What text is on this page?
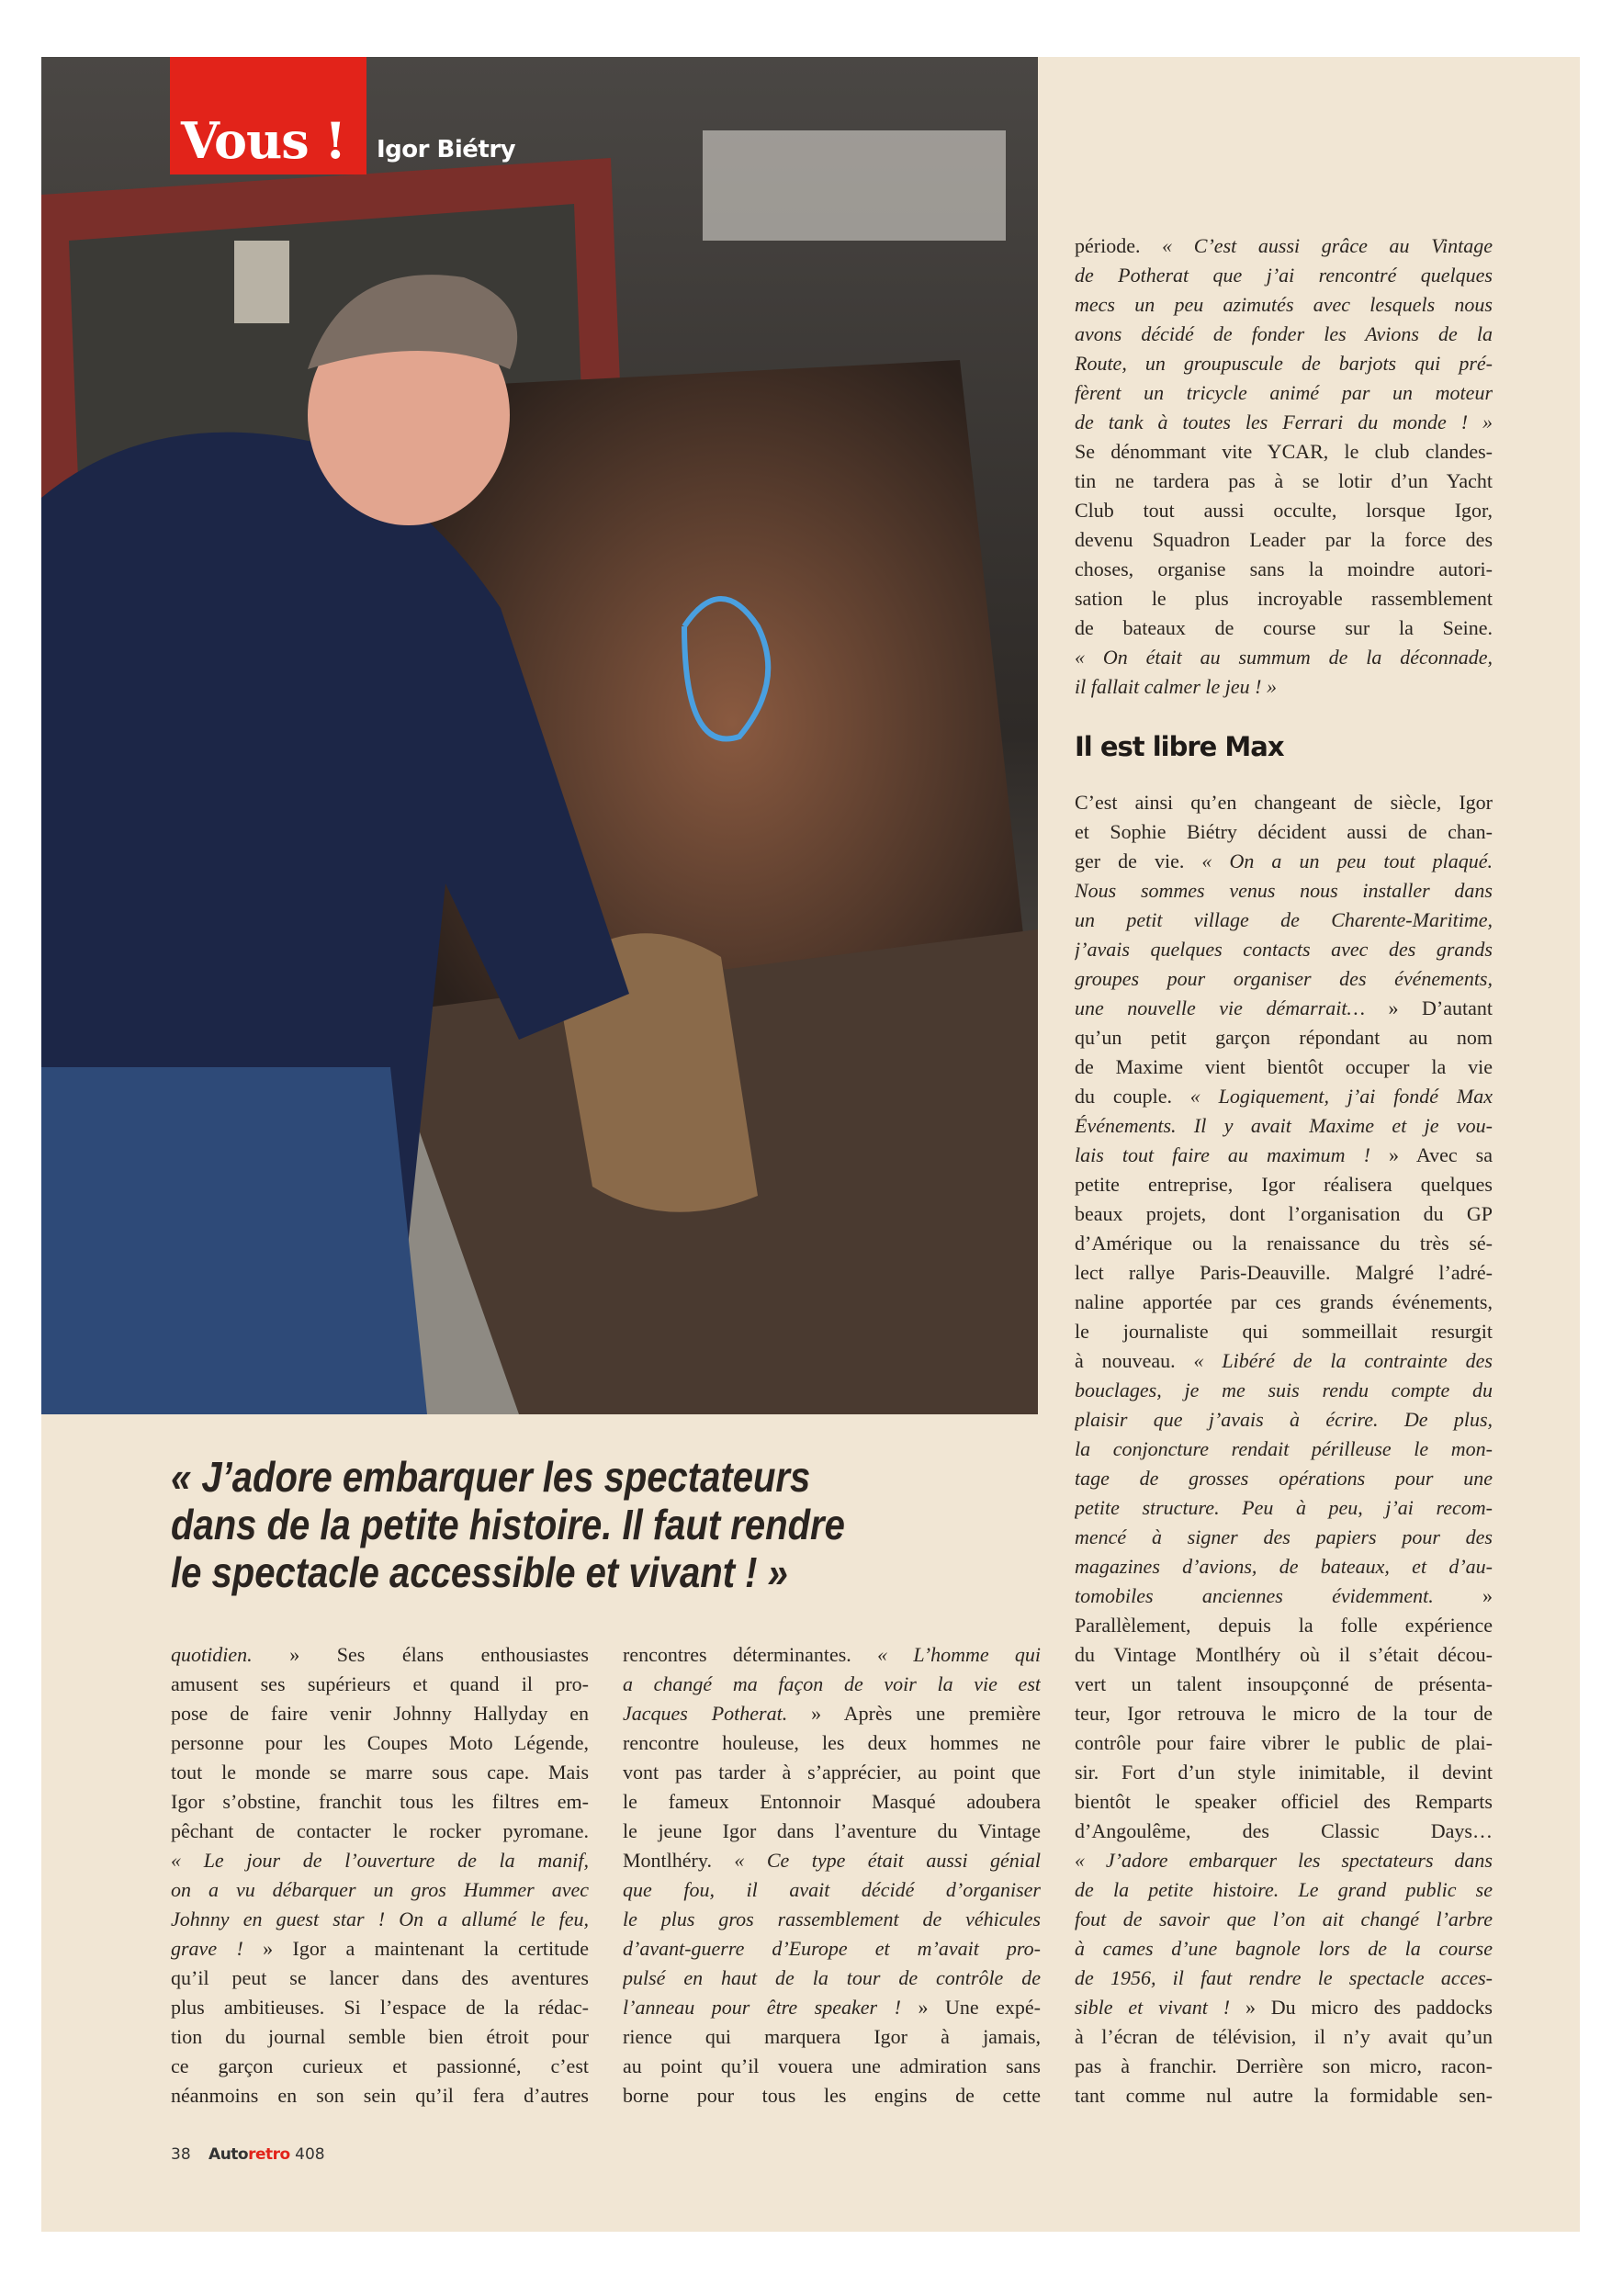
Vous ! Igor Biétry
période. « C’est aussi grâce au Vintage
de Potherat que j’ai rencontré quelques
mecs un peu azimutés avec lesquels nous
avons décidé de fonder les Avions de la
Route, un groupuscule de barjots qui pré-
fèrent un tricycle animé par un moteur
de tank à toutes les Ferrari du monde ! »
Se dénommant vite YCAR, le club clandes-
tin ne tardera pas à se lotir d’un Yacht
Club tout aussi occulte, lorsque Igor,
devenu Squadron Leader par la force des
choses, organise sans la moindre autori-
sation le plus incroyable rassemblement
de bateaux de course sur la Seine.
« On était au summum de la déconnade,
il fallait calmer le jeu ! »
Il est libre Max
C’est ainsi qu’en changeant de siècle, Igor
et Sophie Biétry décident aussi de chan-
ger de vie. « On a un peu tout plaqué.
Nous sommes venus nous installer dans
un petit village de Charente-Maritime,
j’avais quelques contacts avec des grands
groupes pour organiser des événements,
une nouvelle vie démarrait… » D’autant
qu’un petit garçon répondant au nom
de Maxime vient bientôt occuper la vie
du couple. « Logiquement, j’ai fondé Max
Événements. Il y avait Maxime et je vou-
lais tout faire au maximum ! » Avec sa
petite entreprise, Igor réalisera quelques
beaux projets, dont l’organisation du GP
d’Amérique ou la renaissance du très sé-
lect rallye Paris-Deauville. Malgré l’adré-
naline apportée par ces grands événements,
le journaliste qui sommeillait resurgit
à nouveau. « Libéré de la contrainte des
bouclages, je me suis rendu compte du
plaisir que j’avais à écrire. De plus,
la conjoncture rendait périlleuse le mon-
tage de grosses opérations pour une
petite structure. Peu à peu, j’ai recom-
mencé à signer des papiers pour des
magazines d’avions, de bateaux, et d’au-
tomobiles anciennes évidemment. »
Parallèlement, depuis la folle expérience
du Vintage Montlhéry où il s’était décou-
vert un talent insoupçonné de présenta-
teur, Igor retrouva le micro de la tour de
contrôle pour faire vibrer le public de plai-
sir. Fort d’un style inimitable, il devint
bientôt le speaker officiel des Remparts
d’Angoulême, des Classic Days…
« J’adore embarquer les spectateurs dans
de la petite histoire. Le grand public se
fout de savoir que l’on ait changé l’arbre
à cames d’une bagnole lors de la course
de 1956, il faut rendre le spectacle acces-
sible et vivant ! » Du micro des paddocks
à l’écran de télévision, il n’y avait qu’un
pas à franchir. Derrière son micro, racon-
tant comme nul autre la formidable sen-
« J’adore embarquer les spectateurs
dans de la petite histoire. Il faut rendre
le spectacle accessible et vivant ! »
quotidien. » Ses élans enthousiastes
amusent ses supérieurs et quand il pro-
pose de faire venir Johnny Hallyday en
personne pour les Coupes Moto Légende,
tout le monde se marre sous cape. Mais
Igor s’obstine, franchit tous les filtres em-
pêchant de contacter le rocker pyromane.
« Le jour de l’ouverture de la manif,
on a vu débarquer un gros Hummer avec
Johnny en guest star ! On a allumé le feu,
grave ! » Igor a maintenant la certitude
qu’il peut se lancer dans des aventures
plus ambitieuses. Si l’espace de la rédac-
tion du journal semble bien étroit pour
ce garçon curieux et passionné, c’est
néanmoins en son sein qu’il fera d’autres
rencontres déterminantes. « L’homme qui
a changé ma façon de voir la vie est
Jacques Potherat. » Après une première
rencontre houleuse, les deux hommes ne
vont pas tarder à s’apprécier, au point que
le fameux Entonnoir Masqué adoubera
le jeune Igor dans l’aventure du Vintage
Montlhéry. « Ce type était aussi génial
que fou, il avait décidé d’organiser
le plus gros rassemblement de véhicules
d’avant-guerre d’Europe et m’avait pro-
pulsé en haut de la tour de contrôle de
l’anneau pour être speaker ! » Une expé-
rience qui marquera Igor à jamais,
au point qu’il vouera une admiration sans
borne pour tous les engins de cette
38 Autoretro 408
